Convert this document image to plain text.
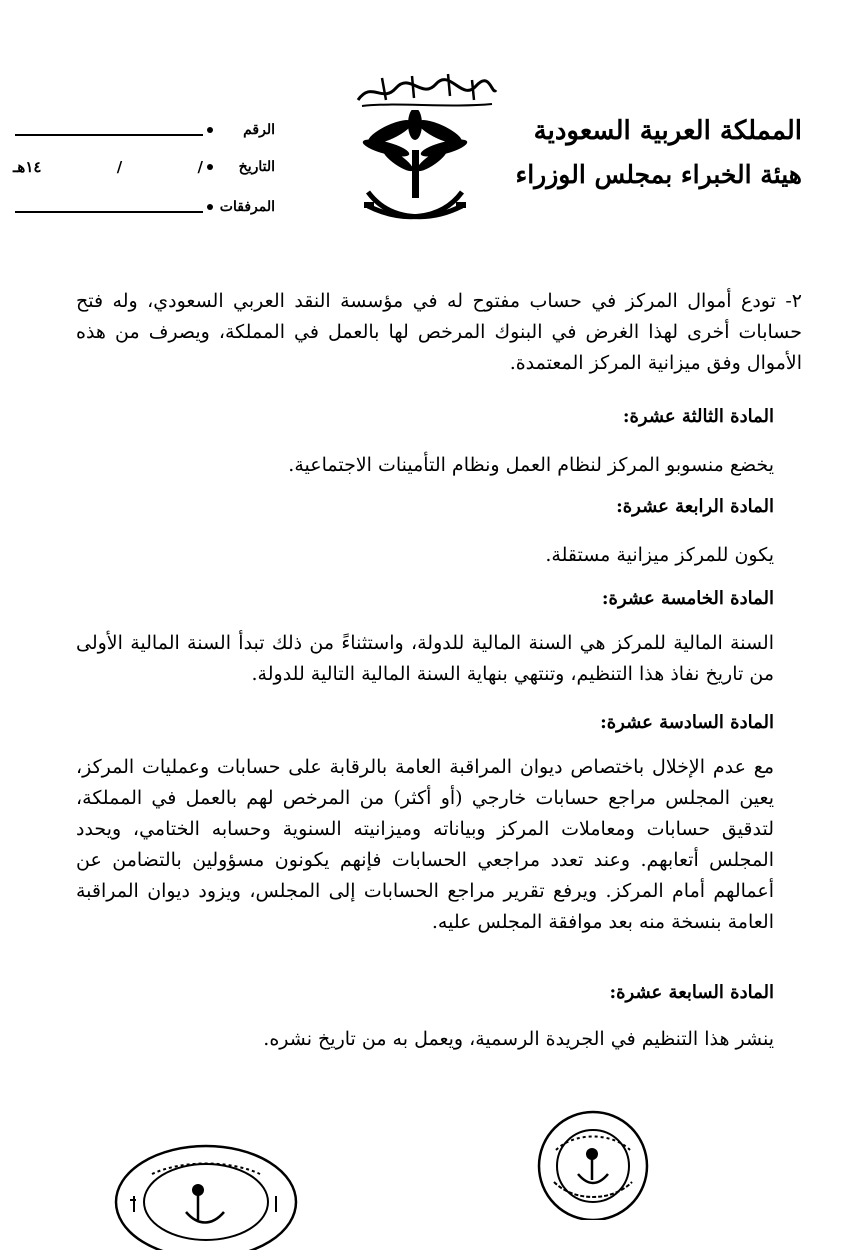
المملكة العربية السعودية
هيئة الخبراء بمجلس الوزراء
الرقم
التاريخ
/
/
١٤هـ
المرفقات
٢- تودع أموال المركز في حساب مفتوح له في مؤسسة النقد العربي السعودي، وله فتح حسابات أخرى لهذا الغرض في البنوك المرخص لها بالعمل في المملكة، ويصرف من هذه الأموال وفق ميزانية المركز المعتمدة.
المادة الثالثة عشرة:
يخضع منسوبو المركز لنظام العمل ونظام التأمينات الاجتماعية.
المادة الرابعة عشرة:
يكون للمركز ميزانية مستقلة.
المادة الخامسة عشرة:
السنة المالية للمركز هي السنة المالية للدولة، واستثناءً من ذلك تبدأ السنة المالية الأولى من تاريخ نفاذ هذا التنظيم، وتنتهي بنهاية السنة المالية التالية للدولة.
المادة السادسة عشرة:
مع عدم الإخلال باختصاص ديوان المراقبة العامة بالرقابة على حسابات وعمليات المركز، يعين المجلس مراجع حسابات خارجي (أو أكثر) من المرخص لهم بالعمل في المملكة، لتدقيق حسابات ومعاملات المركز وبياناته وميزانيته السنوية وحسابه الختامي، ويحدد المجلس أتعابهم. وعند تعدد مراجعي الحسابات فإنهم يكونون مسؤولين بالتضامن عن أعمالهم أمام المركز. ويرفع تقرير مراجع الحسابات إلى المجلس، ويزود ديوان المراقبة العامة بنسخة منه بعد موافقة المجلس عليه.
المادة السابعة عشرة:
ينشر هذا التنظيم في الجريدة الرسمية، ويعمل به من تاريخ نشره.
